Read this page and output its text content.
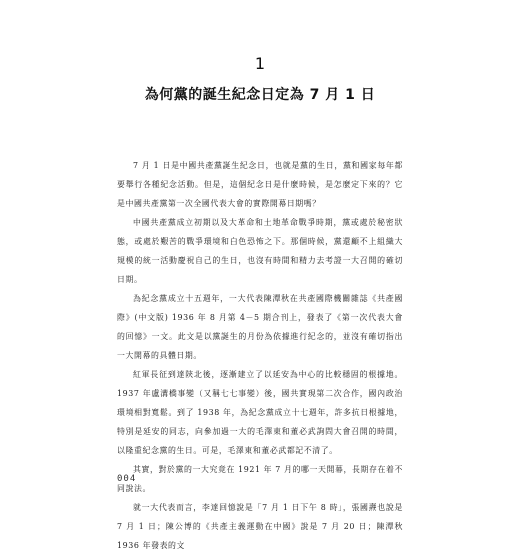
1
為何黨的誕生紀念日定為 7 月 1 日

7 月 1 日是中國共產黨誕生紀念日，也就是黨的生日，黨和國家每年都要舉行各種紀念活動。但是，這個紀念日是什麼時候，是怎麼定下來的？它是中國共產黨第一次全國代表大會的實際開幕日期嗎？

中國共產黨成立初期以及大革命和土地革命戰爭時期，黨或處於秘密狀態，或處於艱苦的戰爭環境和白色恐怖之下。那個時候，黨還顧不上組織大規模的統一活動慶祝自己的生日，也沒有時間和精力去考證一大召開的確切日期。

為紀念黨成立十五週年，一大代表陳潭秋在共產國際機關雜誌《共產國際》(中文版) 1936 年 8 月第 4－5 期合刊上，發表了《第一次代表大會的回憶》一文。此文是以黨誕生的月份為依據進行紀念的，並沒有確切指出一大開幕的具體日期。

紅軍長征到達陝北後，逐漸建立了以延安為中心的比較穩固的根據地。1937 年盧溝橋事變（又稱七七事變）後，國共實現第二次合作，國內政治環境相對寬鬆。到了 1938 年，為紀念黨成立十七週年，許多抗日根據地，特別是延安的同志，向參加過一大的毛澤東和董必武詢問大會召開的時間，以隆重紀念黨的生日。可是，毛澤東和董必武都記不清了。

其實，對於黨的一大究竟在 1921 年 7 月的哪一天開幕，長期存在着不同說法。

就一大代表而言，李達回憶說是「7 月 1 日下午 8 時」，張國燾也說是 7 月 1 日；陳公博的《共產主義運動在中國》說是 7 月 20 日；陳潭秋 1936 年發表的文

004
